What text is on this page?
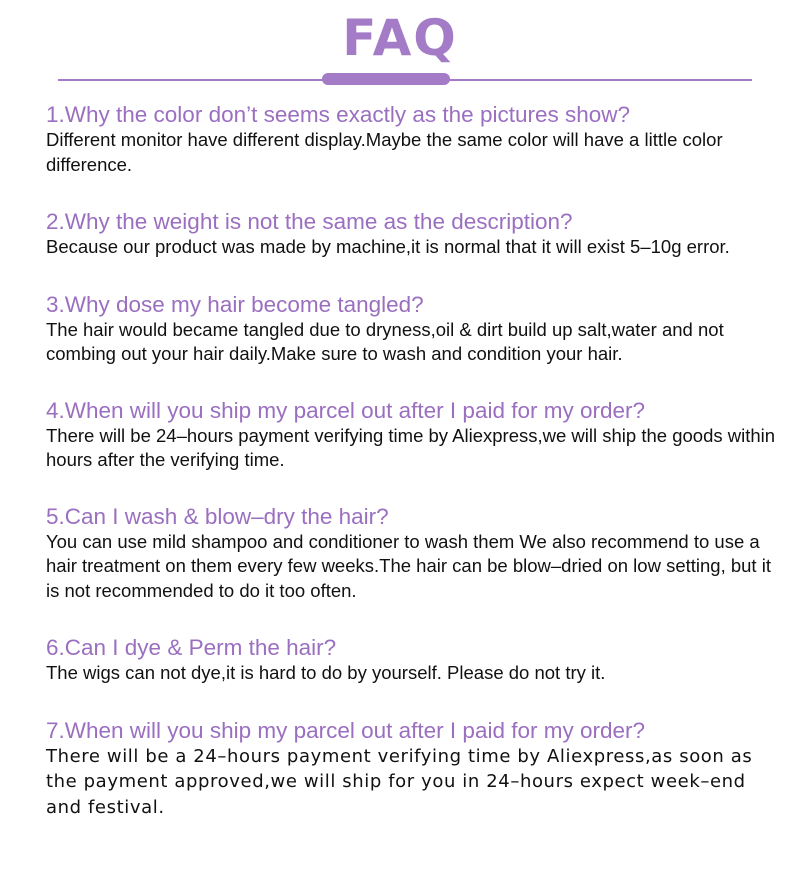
FAQ
1.Why the color don’t seems exactly as the pictures show?
Different monitor have different display.Maybe the same color will have a little color difference.
2.Why the weight is not the same as the description?
Because our product was made by machine,it is normal that it will exist 5–10g error.
3.Why dose my hair become tangled?
The hair would became tangled due to dryness,oil & dirt build up salt,water and not combing out your hair daily.Make sure to wash and condition your hair.
4.When will you ship my parcel out after I paid for my order?
There will be 24–hours payment verifying time by Aliexpress,we will ship the goods within hours after the verifying time.
5.Can I wash & blow–dry the hair?
You can use mild shampoo and conditioner to wash them We also recommend to use a hair treatment on them every few weeks.The hair can be blow–dried on low setting, but it is not recommended to do it too often.
6.Can I dye & Perm the hair?
The wigs can not dye,it is hard to do by yourself. Please do not try it.
7.When will you ship my parcel out after I paid for my order?
There will be a 24–hours payment verifying time by Aliexpress,as soon as the payment approved,we will ship for you in 24–hours expect week–end and festival.
